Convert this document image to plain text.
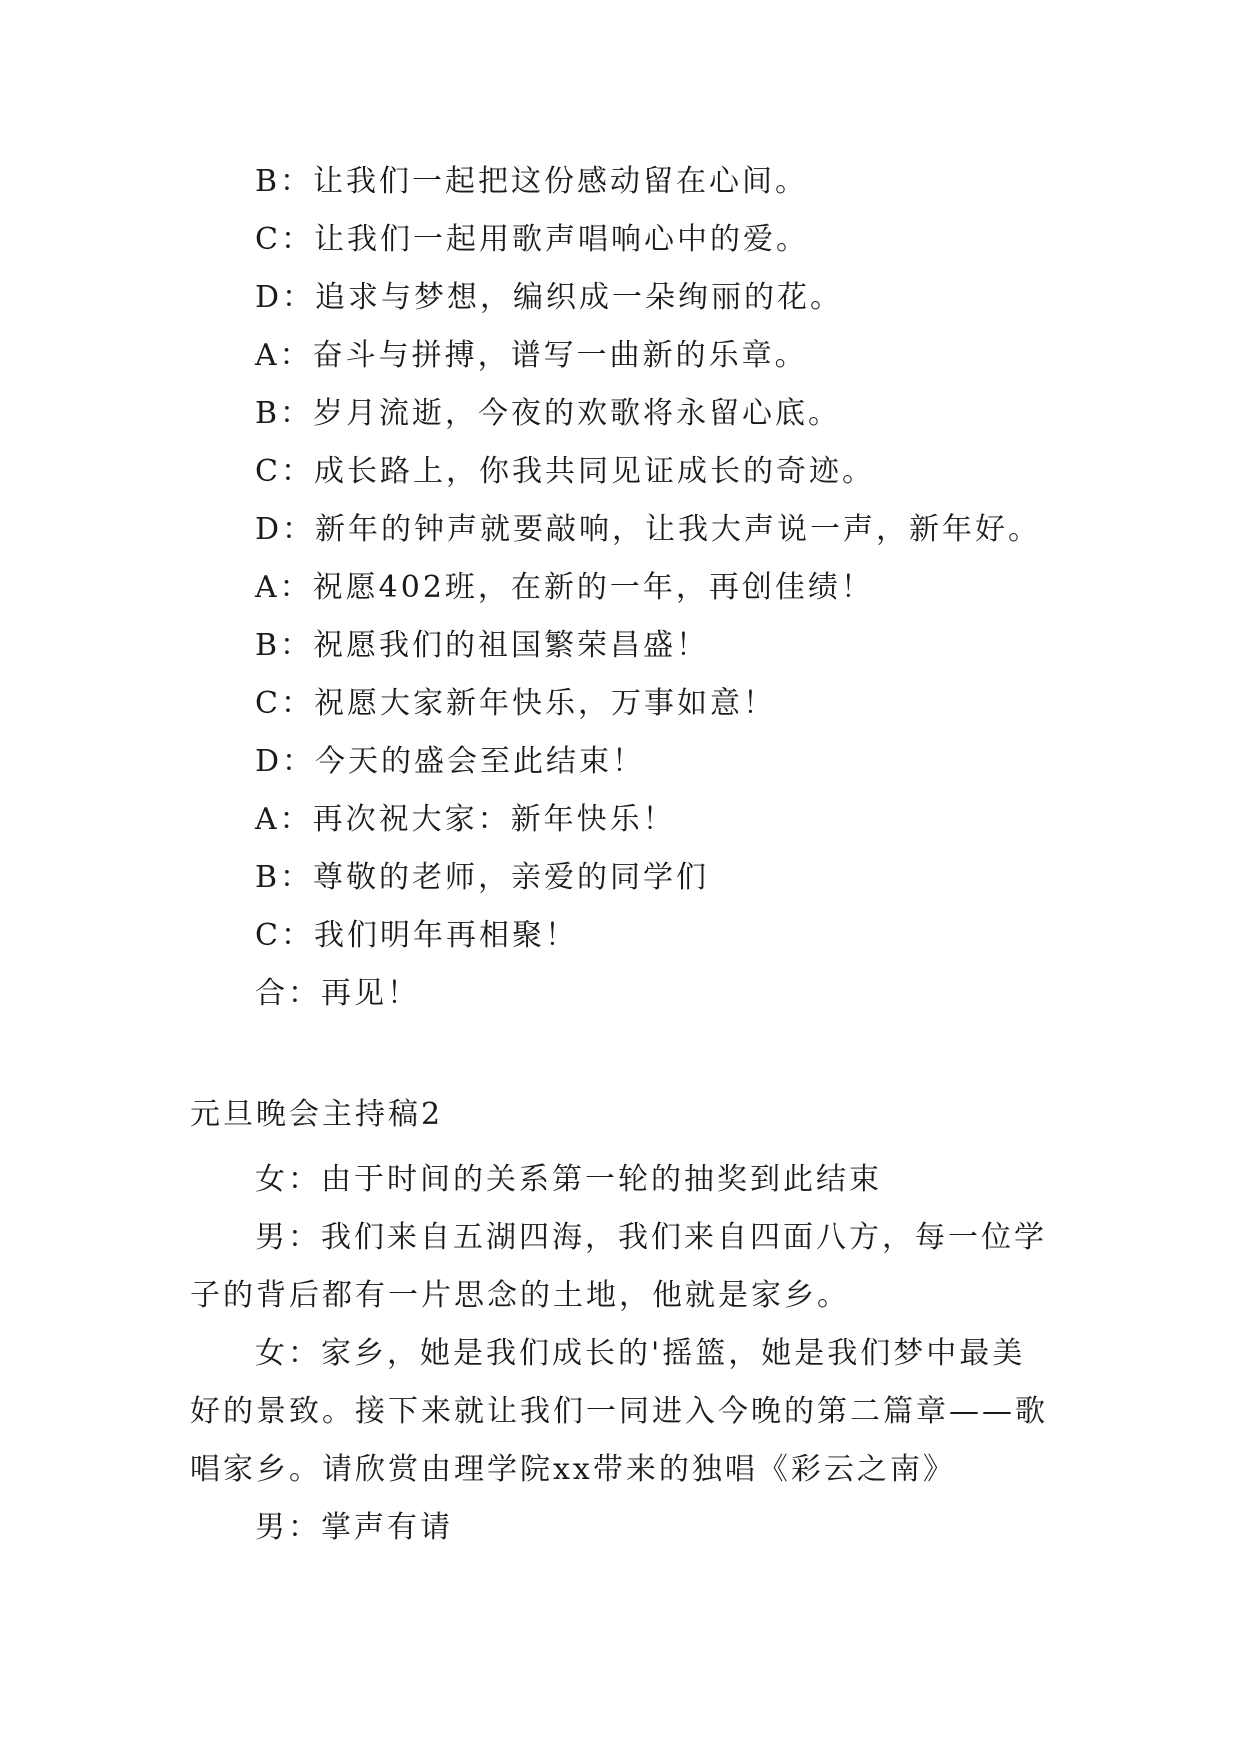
B：让我们一起把这份感动留在心间。
C：让我们一起用歌声唱响心中的爱。
D：追求与梦想，编织成一朵绚丽的花。
A：奋斗与拼搏，谱写一曲新的乐章。
B：岁月流逝，今夜的欢歌将永留心底。
C：成长路上，你我共同见证成长的奇迹。
D：新年的钟声就要敲响，让我大声说一声，新年好。
A：祝愿402班，在新的一年，再创佳绩！
B：祝愿我们的祖国繁荣昌盛！
C：祝愿大家新年快乐，万事如意！
D：今天的盛会至此结束！
A：再次祝大家：新年快乐！
B：尊敬的老师，亲爱的同学们
C：我们明年再相聚！
合：再见！
元旦晚会主持稿2

女：由于时间的关系第一轮的抽奖到此结束

男：我们来自五湖四海，我们来自四面八方，每一位学子的背后都有一片思念的土地，他就是家乡。

女：家乡，她是我们成长的'摇篮，她是我们梦中最美好的景致。接下来就让我们一同进入今晚的第二篇章——歌唱家乡。请欣赏由理学院xx带来的独唱《彩云之南》

男：掌声有请
